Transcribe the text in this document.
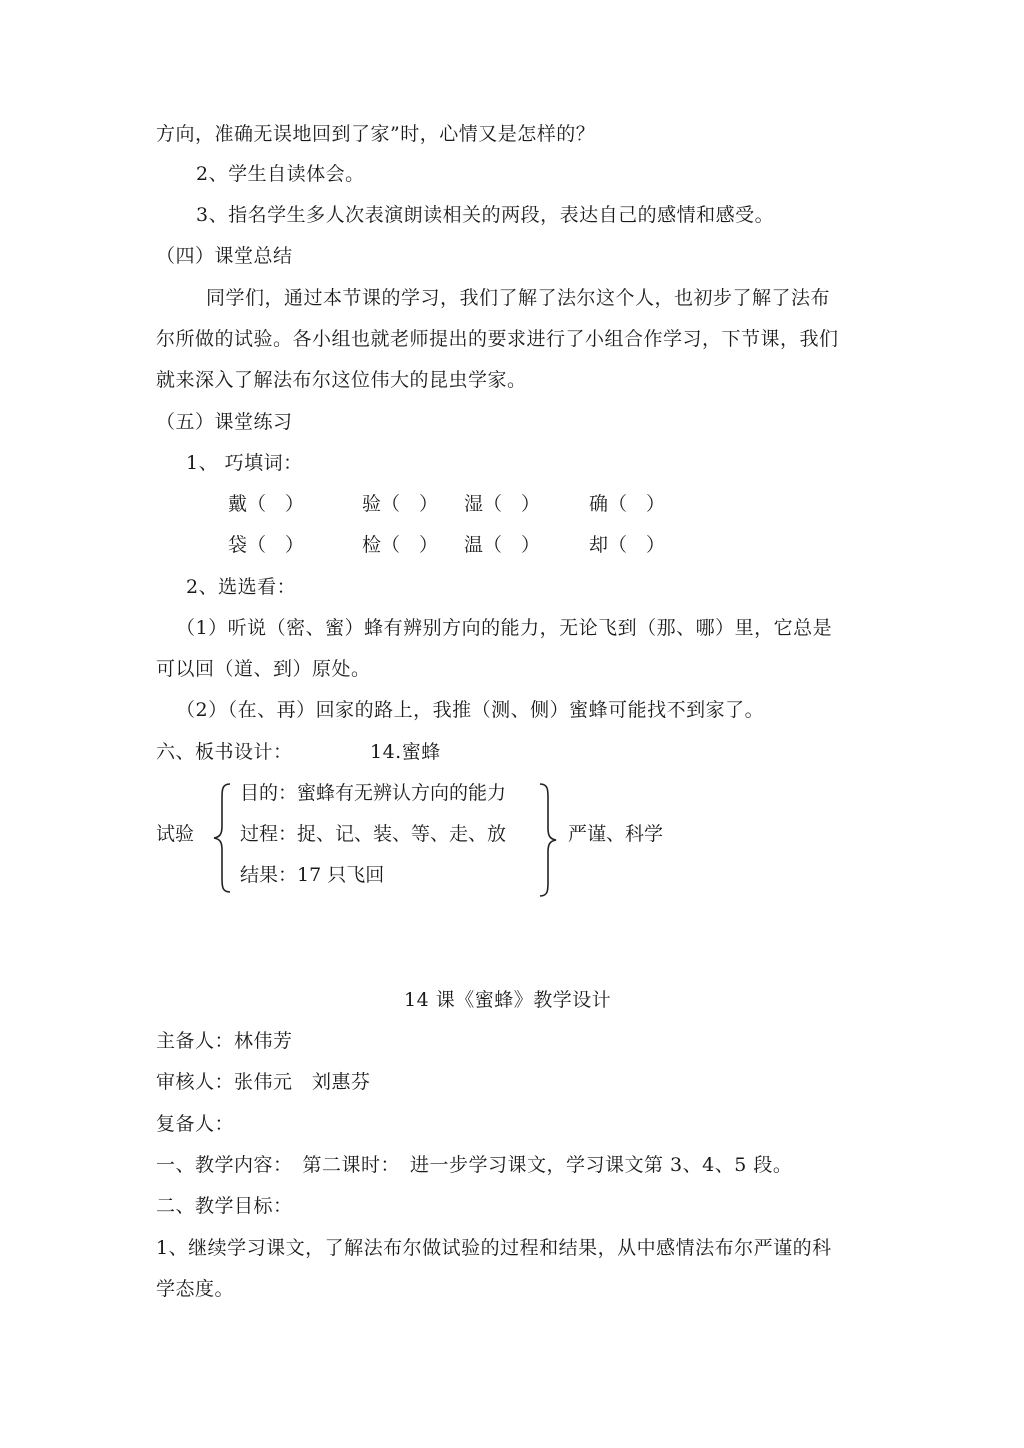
方向，准确无误地回到了家”时，心情又是怎样的？
2、学生自读体会。
3、指名学生多人次表演朗读相关的两段，表达自己的感情和感受。
（四）课堂总结
同学们，通过本节课的学习，我们了解了法尔这个人，也初步了解了法布
尔所做的试验。各小组也就老师提出的要求进行了小组合作学习，下节课，我们
就来深入了解法布尔这位伟大的昆虫学家。
（五）课堂练习
1、 巧填词：
戴（　）	验（　） 湿（　）	确（　）
袋（　）	检（　） 温（　）	却（　）
2、选选看：
（1）听说（密、蜜）蜂有辨别方向的能力，无论飞到（那、哪）里，它总是
可以回（道、到）原处。
（2）（在、再）回家的路上，我推（测、侧）蜜蜂可能找不到家了。
六、板书设计：	14.蜜蜂
试验
目的：蜜蜂有无辨认方向的能力
过程：捉、记、装、等、走、放
结果：17 只飞回
严谨、科学
14 课《蜜蜂》教学设计
主备人：林伟芳
审核人：张伟元　刘惠芬
复备人：
一、教学内容：　第二课时：　进一步学习课文，学习课文第 3、4、5 段。
二、教学目标：
1、继续学习课文，了解法布尔做试验的过程和结果，从中感情法布尔严谨的科
学态度。
